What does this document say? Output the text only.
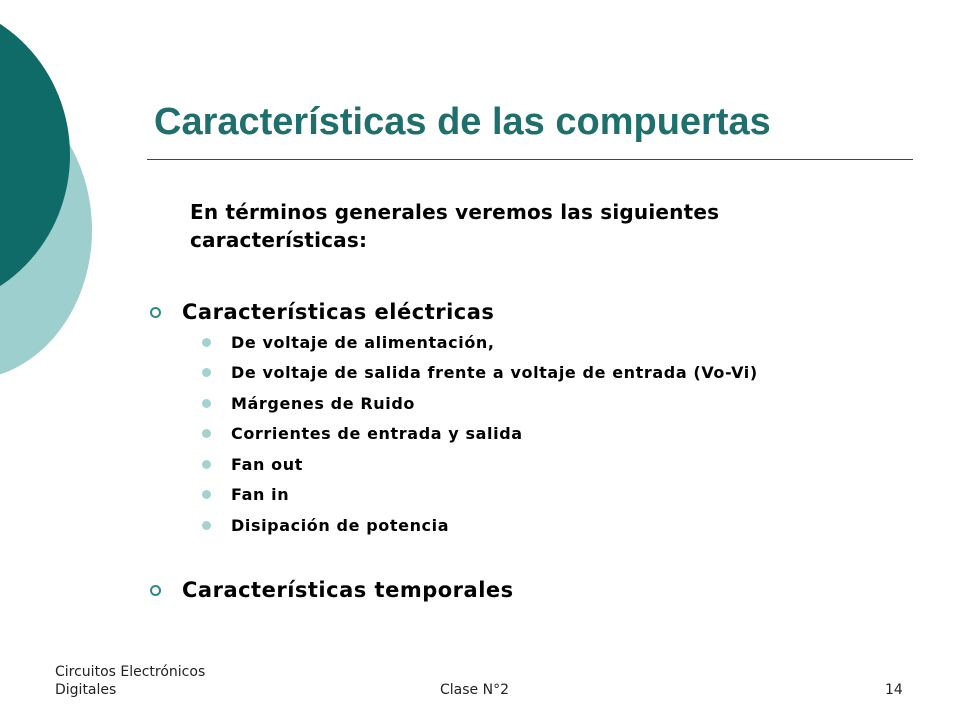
Características de las compuertas

En términos generales veremos las siguientes características:

Características eléctricas
De voltaje de alimentación,
De voltaje de salida frente a voltaje de entrada (Vo-Vi)
Márgenes de Ruido
Corrientes de entrada y salida
Fan out
Fan in
Disipación de potencia
Características temporales
Circuitos Electrónicos
Digitales	Clase N°2	14
